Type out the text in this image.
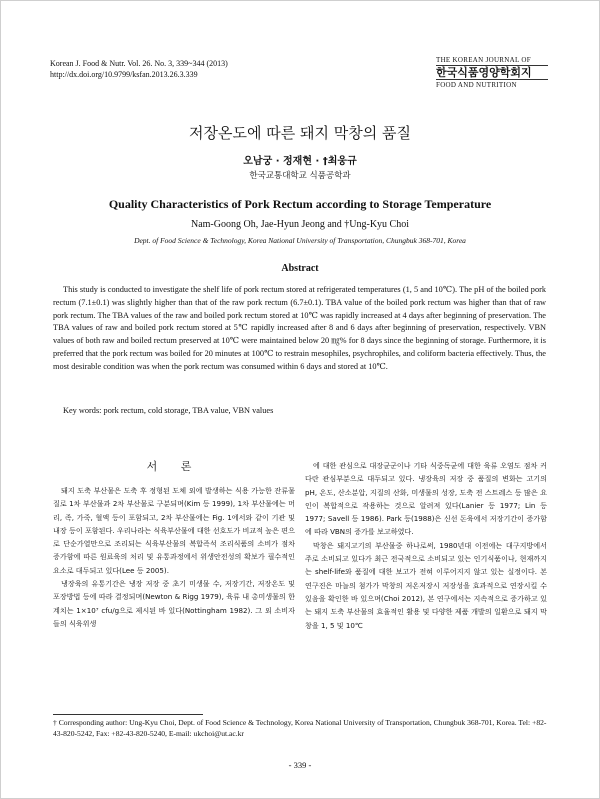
Korean J. Food & Nutr. Vol. 26. No. 3, 339~344 (2013)
http://dx.doi.org/10.9799/ksfan.2013.26.3.339
THE KOREAN JOURNAL OF
한국식품영양학회지
FOOD AND NUTRITION
저장온도에 따른 돼지 막창의 품질
오남궁 · 정재현 · †최웅규
한국교통대학교 식품공학과
Quality Characteristics of Pork Rectum according to Storage Temperature
Nam-Goong Oh, Jae-Hyun Jeong and †Ung-Kyu Choi
Dept. of Food Science & Technology, Korea National University of Transportation, Chungbuk 368-701, Korea
Abstract

This study is conducted to investigate the shelf life of pork rectum stored at refrigerated temperatures (1, 5 and 10℃). The pH of the boiled pork rectum (7.1±0.1) was slightly higher than that of the raw pork rectum (6.7±0.1). TBA value of the boiled pork rectum was higher than that of raw pork rectum. The TBA values of the raw and boiled pork rectum stored at 10℃ was rapidly increased at 4 days after beginning of preservation. The TBA values of raw and boiled pork rectum stored at 5℃ rapidly increased after 8 and 6 days after beginning of preservation, respectively. VBN values of both raw and boiled rectum preserved at 10℃ were maintained below 20 ㎎% for 8 days since the beginning of storage. Furthermore, it is preferred that the pork rectum was boiled for 20 minutes at 100℃ to restrain mesophiles, psychrophiles, and coliform bacteria effectively. Thus, the most desirable condition was when the pork rectum was consumed within 6 days and stored at 10℃.

Key words: pork rectum, cold storage, TBA value, VBN values
서 론

돼지 도축 부산물은 도축 후 정형된 도체 외에 발생하는 식용 가능한 잔류물질로 1차 부산물과 2차 부산물로 구분되며(Kim 등 1999), 1차 부산물에는 머리, 족, 가죽, 혈액 등이 포함되고, 2차 부산물에는 Fig. 1에서와 같이 기관 및 내장 등이 포함된다. 우리나라는 식육부산물에 대한 선호도가 비교적 높은 편으로 단순가열만으로 조리되는 식육부산물의 복합즉석 조리식품의 소비가 점차 증가함에 따른 원료육의 처리 및 유통과정에서 위생안전성의 확보가 필수적인 요소로 대두되고 있다(Lee 등 2005).

냉장육의 유통기간은 냉장 저장 중 초기 미생물 수, 저장기간, 저장온도 및 포장방법 등에 따라 결정되며(Newton & Rigg 1979), 육류 내 총미생물의 한계치는 1×10⁷ cfu/g으로 제시된 바 있다(Nottingham 1982). 그 외 소비자들의 식육위생

에 대한 관심으로 대장균군이나 기타 식중독균에 대한 육류 오염도 점차 커다란 관심부분으로 대두되고 있다. 냉장육의 저장 중 품질의 변화는 고기의 pH, 온도, 산소분압, 지질의 산화, 미생물의 성장, 도축 전 스트레스 등 많은 요인이 복합적으로 작용하는 것으로 알려져 있다(Lanier 등 1977; Lin 등 1977; Savell 등 1986). Park 등(1988)은 신선 돈육에서 저장기간이 증가함에 따라 VBN의 증가를 보고하였다.

막창은 돼지고기의 부산물중 하나로써, 1980년대 이전에는 대구지방에서 주로 소비되고 있다가 최근 전국적으로 소비되고 있는 인기식품이나, 현재까지는 shelf-life와 품질에 대한 보고가 전혀 이루어지지 않고 있는 실정이다. 본 연구진은 마늘의 첨가가 막창의 저온저장시 저장성을 효과적으로 연장시킬 수 있음을 확인한 바 있으며(Choi 2012), 본 연구에서는 지속적으로 증가하고 있는 돼지 도축 부산물의 효율적인 활용 및 다양한 제품 개발의 일환으로 돼지 막창을 1, 5 및 10℃

† Corresponding author: Ung-Kyu Choi, Dept. of Food Science & Technology, Korea National University of Transportation, Chungbuk 368-701, Korea. Tel: +82-43-820-5242, Fax: +82-43-820-5240, E-mail: ukchoi@ut.ac.kr
- 339 -
